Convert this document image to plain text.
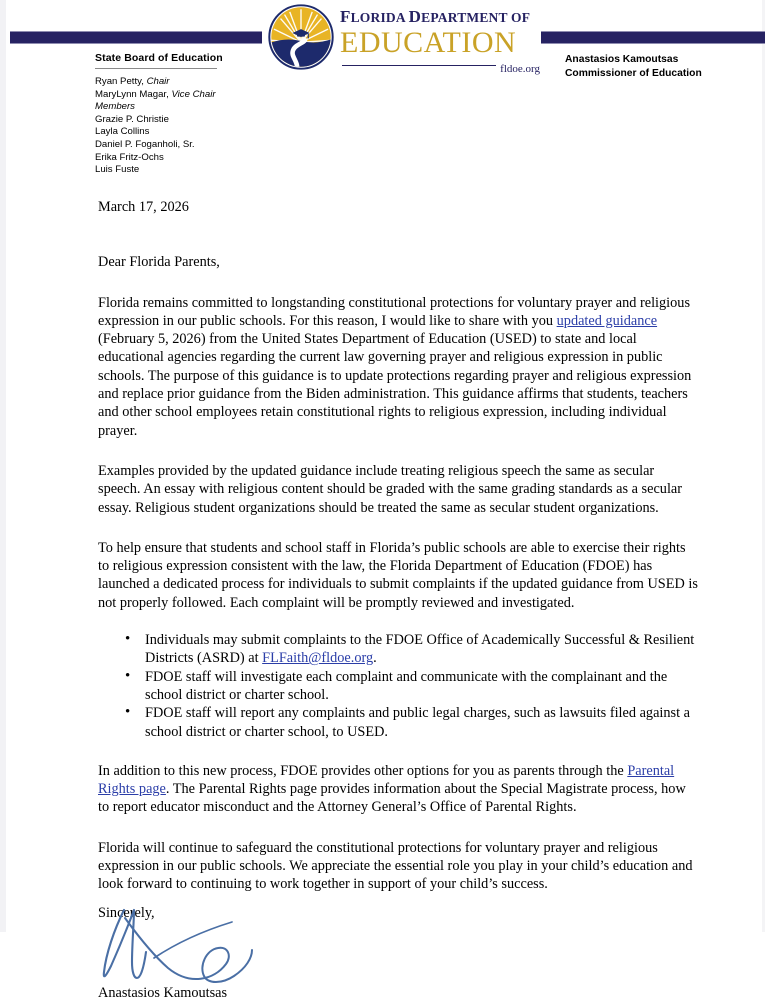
FLORIDA DEPARTMENT OF
EDUCATION
fldoe.org
State Board of Education
Ryan Petty, Chair
MaryLynn Magar, Vice Chair
Members
Grazie P. Christie
Layla Collins
Daniel P. Foganholi, Sr.
Erika Fritz-Ochs
Luis Fuste
Anastasios Kamoutsas
Commissioner of Education
March 17, 2026
Dear Florida Parents,

Florida remains committed to longstanding constitutional protections for voluntary prayer and religious expression in our public schools. For this reason, I would like to share with you updated guidance (February 5, 2026) from the United States Department of Education (USED) to state and local educational agencies regarding the current law governing prayer and religious expression in public schools. The purpose of this guidance is to update protections regarding prayer and religious expression and replace prior guidance from the Biden administration. This guidance affirms that students, teachers and other school employees retain constitutional rights to religious expression, including individual prayer.

Examples provided by the updated guidance include treating religious speech the same as secular speech. An essay with religious content should be graded with the same grading standards as a secular essay. Religious student organizations should be treated the same as secular student organizations.

To help ensure that students and school staff in Florida’s public schools are able to exercise their rights to religious expression consistent with the law, the Florida Department of Education (FDOE) has launched a dedicated process for individuals to submit complaints if the updated guidance from USED is not properly followed. Each complaint will be promptly reviewed and investigated.

• Individuals may submit complaints to the FDOE Office of Academically Successful & Resilient Districts (ASRD) at FLFaith@fldoe.org.
• FDOE staff will investigate each complaint and communicate with the complainant and the school district or charter school.
• FDOE staff will report any complaints and public legal charges, such as lawsuits filed against a school district or charter school, to USED.

In addition to this new process, FDOE provides other options for you as parents through the Parental Rights page. The Parental Rights page provides information about the Special Magistrate process, how to report educator misconduct and the Attorney General’s Office of Parental Rights.

Florida will continue to safeguard the constitutional protections for voluntary prayer and religious expression in our public schools. We appreciate the essential role you play in your child’s education and look forward to continuing to work together in support of your child’s success.

Sincerely,
Anastasios Kamoutsas
